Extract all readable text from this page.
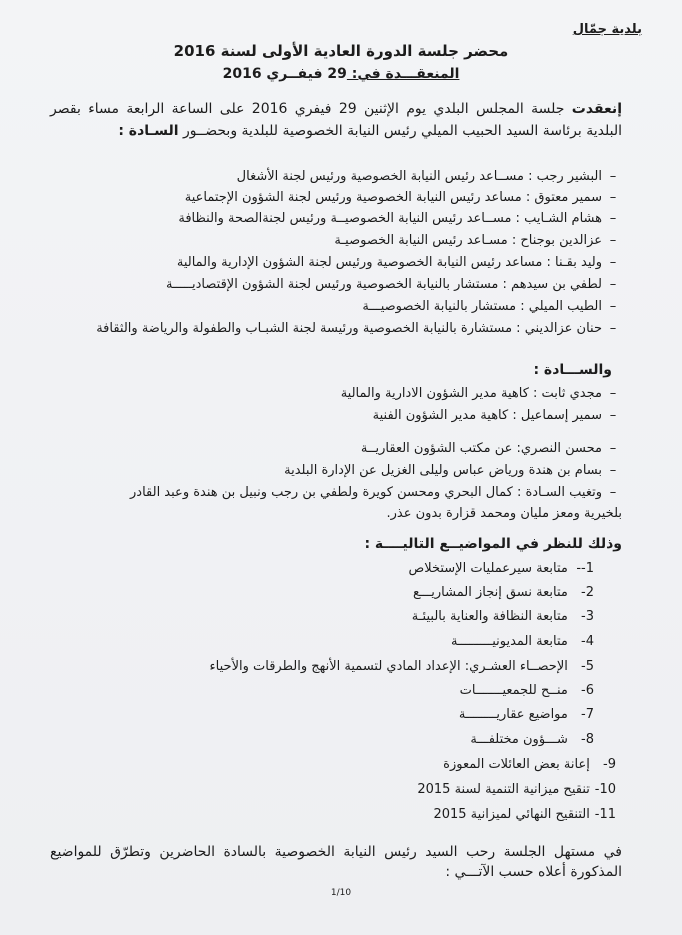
بلدية جمّال
محضر جلسة الدورة العادية الأولى لسنة 2016
المنعقـــدة في: 29 فيفــري 2016
إنعقدت جلسة المجلس البلدي يوم الإثنين 29 فيفري 2016 على الساعة الرابعة مساء بقصر البلدية برئاسة السيد الحبيب الميلي رئيس النيابة الخصوصية للبلدية وبحضــور السـادة :
–البشير رجب : مســاعد رئيس النيابة الخصوصية ورئيس لجنة الأشغال
–سمير معتوق : مساعد رئيس النيابة الخصوصية ورئيس لجنة الشؤون الإجتماعية
–هشام الشـايب : مســاعد رئيس النيابة الخصوصيــة ورئيس لجنةالصحة والنظافة
–عزالدين بوجناح : مسـاعد رئيس النيابة الخصوصيـة
–وليد بقـنا : مساعد رئيس النيابة الخصوصية ورئيس لجنة الشؤون الإدارية والمالية
–لطفي بن سيدهم : مستشار بالنيابة الخصوصية ورئيس لجنة الشؤون الإقتصاديـــــة
–الطيب الميلي : مستشار بالنيابة الخصوصيـــة
–حنان عزالديني : مستشارة بالنيابة الخصوصية ورئيسة لجنة الشبـاب والطفولة والرياضة والثقافة
والســـادة :
–مجدي ثابت : كاهية مدير الشؤون الادارية والمالية
–سمير إسماعيل : كاهية مدير الشؤون الفنية
–محسن النصري: عن مكتب الشؤون العقاريــة
–بسام بن هندة ورياض عباس وليلى الغزيل عن الإدارة البلدية
–وتغيب السـادة : كمال البحري ومحسن كويرة ولطفي بن رجب ونبيل بن هندة وعبد القادر
بلخيرية ومعز مليان ومحمد قزارة بدون عذر.
وذلك للنظر في المواضيــع التاليــــة :
1-- متابعة سيرعمليات الإستخلاص
2- متابعة نسق إنجاز المشاريـــع
3- متابعة النظافة والعناية بالبيئـة
4- متابعة المديونيـــــــــة
5- الإحصــاء العشـري: الإعداد المادي لتسمية الأنهج والطرقات والأحياء
6- منــح للجمعيـــــــات
7- مواضيع عقاريــــــــة
8- شـــؤون مختلفـــة
9- إعانة بعض العائلات المعوزة
10- تنقيح ميزانية التنمية لسنة 2015
11- التنقيح النهائي لميزانية 2015
في مستهل الجلسة رحب السيد رئيس النيابة الخصوصية بالسادة الحاضرين وتطرّق للمواضيع المذكورة أعلاه حسب الآتـــي :
1/10
